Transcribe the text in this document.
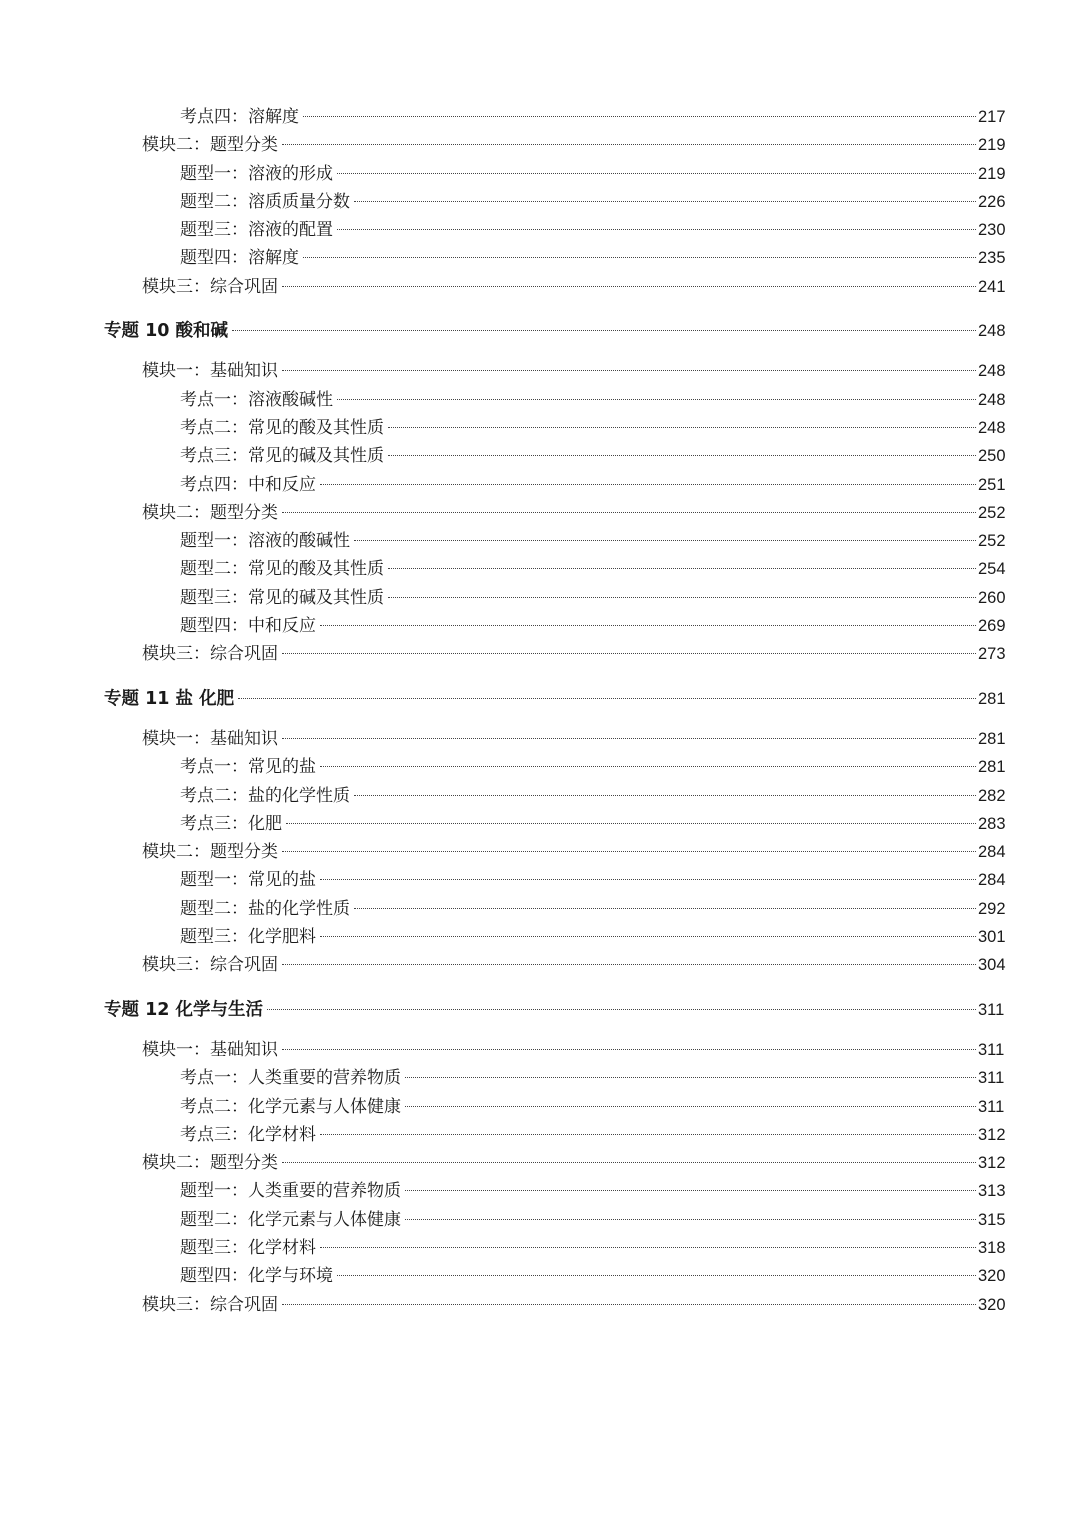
考点四：溶解度	217
模块二：题型分类	219
题型一：溶液的形成	219
题型二：溶质质量分数	226
题型三：溶液的配置	230
题型四：溶解度	235
模块三：综合巩固	241
专题 10 酸和碱	248
模块一：基础知识	248
考点一：溶液酸碱性	248
考点二：常见的酸及其性质	248
考点三：常见的碱及其性质	250
考点四：中和反应	251
模块二：题型分类	252
题型一：溶液的酸碱性	252
题型二：常见的酸及其性质	254
题型三：常见的碱及其性质	260
题型四：中和反应	269
模块三：综合巩固	273
专题 11 盐 化肥	281
模块一：基础知识	281
考点一：常见的盐	281
考点二：盐的化学性质	282
考点三：化肥	283
模块二：题型分类	284
题型一：常见的盐	284
题型二：盐的化学性质	292
题型三：化学肥料	301
模块三：综合巩固	304
专题 12 化学与生活	311
模块一：基础知识	311
考点一：人类重要的营养物质	311
考点二：化学元素与人体健康	311
考点三：化学材料	312
模块二：题型分类	312
题型一：人类重要的营养物质	313
题型二：化学元素与人体健康	315
题型三：化学材料	318
题型四：化学与环境	320
模块三：综合巩固	320
